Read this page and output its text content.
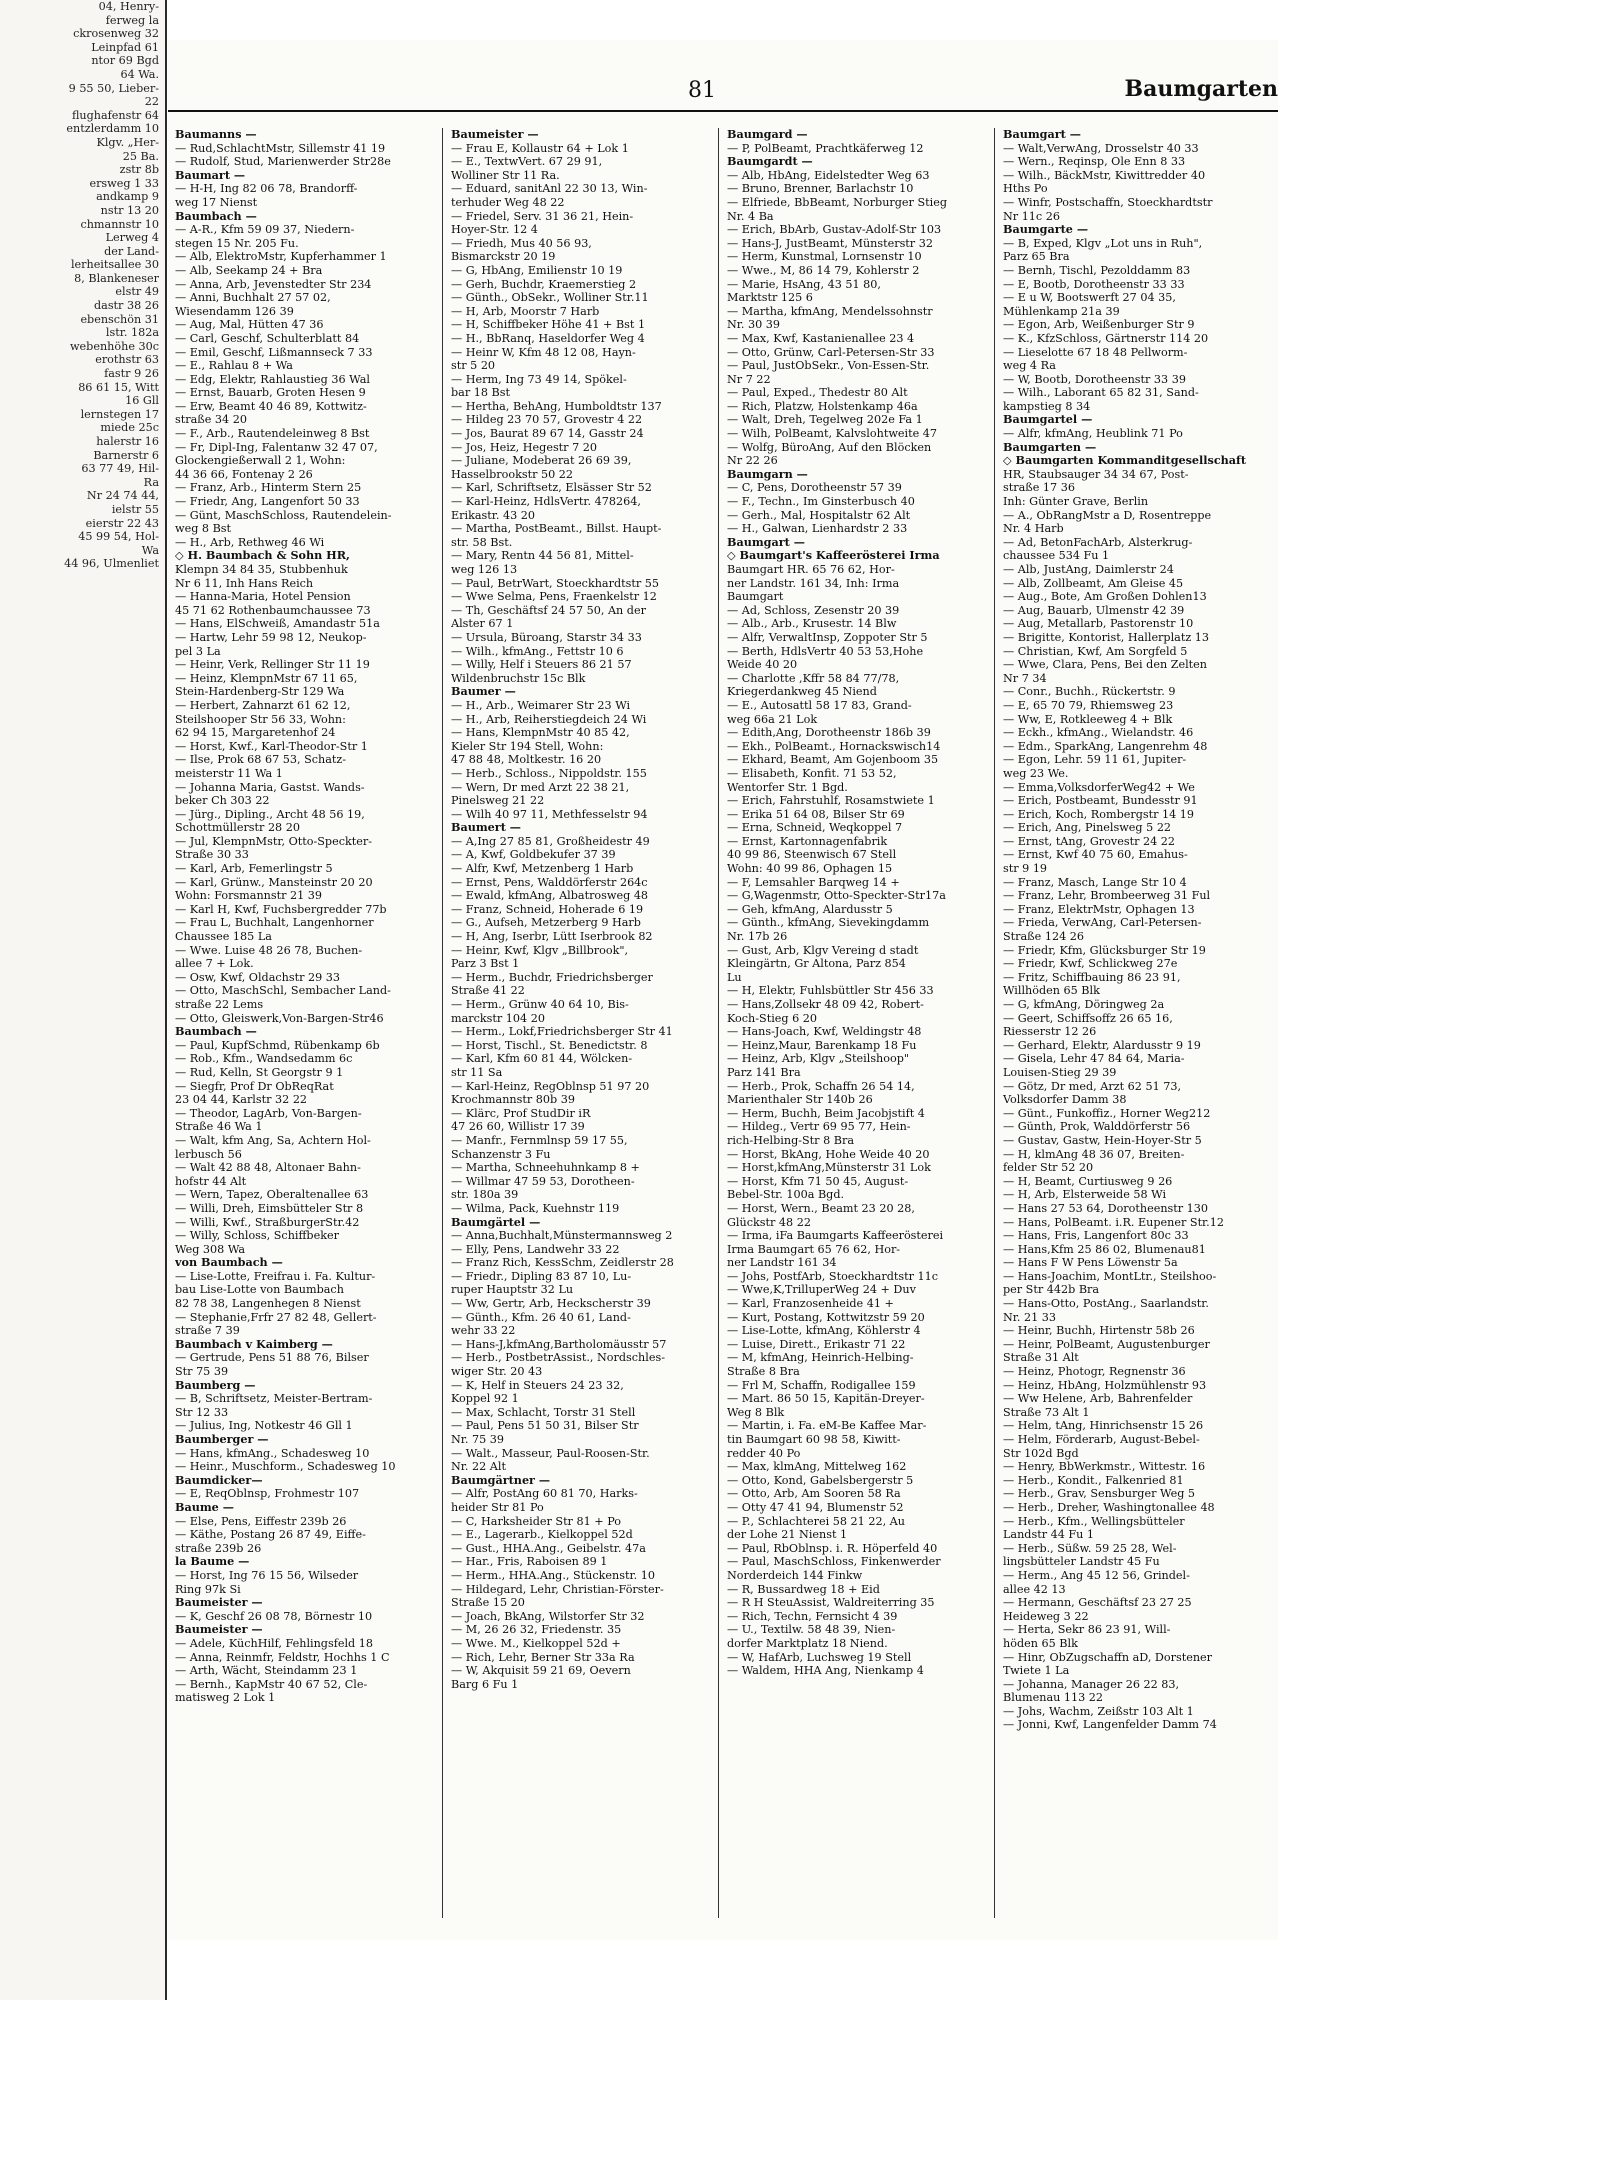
04, Henry-
ferweg la
ckrosenweg 32
Leinpfad 61
ntor 69 Bgd
64 Wa.
9 55 50, Lieber-
22
flughafenstr 64
entzlerdamm 10
Klgv. „Her-
25 Ba.
zstr 8b
ersweg 1 33
andkamp 9
nstr 13 20
chmannstr 10
Lerweg 4
der Land-
lerheitsallee 30
8, Blankeneser
elstr 49
dastr 38 26
ebenschön 31
lstr. 182a
webenhöhe 30c
erothstr 63
fastr 9 26
86 61 15, Witt
16 Gll
lernstegen 17
miede 25c
halerstr 16
Barnerstr 6
63 77 49, Hil-
Ra
Nr 24 74 44,
ielstr 55
eierstr 22 43
45 99 54, Hol-
Wa
44 96, Ulmenliet
81	Baumgarten
Baumanns —
— Rud,SchlachtMstr, Sillemstr 41 19
— Rudolf, Stud, Marienwerder Str28e
Baumart —
— H-H, Ing 82 06 78, Brandorff-
weg 17 Nienst
Baumbach —
— A-R., Kfm 59 09 37, Niedern-
stegen 15 Nr. 205 Fu.
— Alb, ElektroMstr, Kupferhammer 1
— Alb, Seekamp 24 + Bra
— Anna, Arb, Jevenstedter Str 234
— Anni, Buchhalt 27 57 02,
Wiesendamm 126 39
— Aug, Mal, Hütten 47 36
— Carl, Geschf, Schulterblatt 84
— Emil, Geschf, Lißmannseck 7 33
— E., Rahlau 8 + Wa
— Edg, Elektr, Rahlaustieg 36 Wal
— Ernst, Bauarb, Groten Hesen 9
— Erw, Beamt 40 46 89, Kottwitz-
straße 34 20
— F., Arb., Rautendeleinweg 8 Bst
— Fr, Dipl-Ing, Falentanw 32 47 07,
Glockengießerwall 2 1, Wohn:
44 36 66, Fontenay 2 26
— Franz, Arb., Hinterm Stern 25
— Friedr, Ang, Langenfort 50 33
— Günt, MaschSchloss, Rautendelein-
weg 8 Bst
— H., Arb, Rethweg 46 Wi
◇ H. Baumbach & Sohn HR,
Klempn 34 84 35, Stubbenhuk
Nr 6 11, Inh Hans Reich
— Hanna-Maria, Hotel Pension
45 71 62 Rothenbaumchaussee 73
— Hans, ElSchweiß, Amandastr 51a
— Hartw, Lehr 59 98 12, Neukop-
pel 3 La
— Heinr, Verk, Rellinger Str 11 19
— Heinz, KlempnMstr 67 11 65,
Stein-Hardenberg-Str 129 Wa
— Herbert, Zahnarzt 61 62 12,
Steilshooper Str 56 33, Wohn:
62 94 15, Margaretenhof 24
— Horst, Kwf., Karl-Theodor-Str 1
— Ilse, Prok 68 67 53, Schatz-
meisterstr 11 Wa 1
— Johanna Maria, Gastst. Wands-
beker Ch 303 22
— Jürg., Dipling., Archt 48 56 19,
Schottmüllerstr 28 20
— Jul, KlempnMstr, Otto-Speckter-
Straße 30 33
— Karl, Arb, Femerlingstr 5
— Karl, Grünw., Mansteinstr 20 20
Wohn: Forsmannstr 21 39
— Karl H, Kwf, Fuchsbergredder 77b
— Frau L, Buchhalt, Langenhorner
Chaussee 185 La
— Wwe. Luise 48 26 78, Buchen-
allee 7 + Lok.
— Osw, Kwf, Oldachstr 29 33
— Otto, MaschSchl, Sembacher Land-
straße 22 Lems
— Otto, Gleiswerk,Von-Bargen-Str46
Baumbach —
— Paul, KupfSchmd, Rübenkamp 6b
— Rob., Kfm., Wandsedamm 6c
— Rud, Kelln, St Georgstr 9 1
— Siegfr, Prof Dr ObReqRat
23 04 44, Karlstr 32 22
— Theodor, LagArb, Von-Bargen-
Straße 46 Wa 1
— Walt, kfm Ang, Sa, Achtern Hol-
lerbusch 56
— Walt 42 88 48, Altonaer Bahn-
hofstr 44 Alt
— Wern, Tapez, Oberaltenallee 63
— Willi, Dreh, Eimsbütteler Str 8
— Willi, Kwf., StraßburgerStr.42
— Willy, Schloss, Schiffbeker
Weg 308 Wa
von Baumbach —
— Lise-Lotte, Freifrau i. Fa. Kultur-
bau Lise-Lotte von Baumbach
82 78 38, Langenhegen 8 Nienst
— Stephanie,Frfr 27 82 48, Gellert-
straße 7 39
Baumbach v Kaimberg —
— Gertrude, Pens 51 88 76, Bilser
Str 75 39
Baumberg —
— B, Schriftsetz, Meister-Bertram-
Str 12 33
— Julius, Ing, Notkestr 46 Gll 1
Baumberger —
— Hans, kfmAng., Schadesweg 10
— Heinr., Muschform., Schadesweg 10
Baumdicker—
— E, ReqOblnsp, Frohmestr 107
Baume —
— Else, Pens, Eiffestr 239b 26
— Käthe, Postang 26 87 49, Eiffe-
straße 239b 26
la Baume —
— Horst, Ing 76 15 56, Wilseder
Ring 97k Si
Baumeister —
— K, Geschf 26 08 78, Börnestr 10
Baumeister —
— Adele, KüchHilf, Fehlingsfeld 18
— Anna, Reinmfr, Feldstr, Hochhs 1 C
— Arth, Wächt, Steindamm 23 1
— Bernh., KapMstr 40 67 52, Cle-
matisweg 2 Lok 1
Baumeister —
— Frau E, Kollaustr 64 + Lok 1
— E., TextwVert. 67 29 91,
Wolliner Str 11 Ra.
— Eduard, sanitAnl 22 30 13, Win-
terhuder Weg 48 22
— Friedel, Serv. 31 36 21, Hein-
Hoyer-Str. 12 4
— Friedh, Mus 40 56 93,
Bismarckstr 20 19
— G, HbAng, Emilienstr 10 19
— Gerh, Buchdr, Kraemerstieg 2
— Günth., ObSekr., Wolliner Str.11
— H, Arb, Moorstr 7 Harb
— H, Schiffbeker Höhe 41 + Bst 1
— H., BbRanq, Haseldorfer Weg 4
— Heinr W, Kfm 48 12 08, Hayn-
str 5 20
— Herm, Ing 73 49 14, Spökel-
bar 18 Bst
— Hertha, BehAng, Humboldtstr 137
— Hildeg 23 70 57, Grovestr 4 22
— Jos, Baurat 89 67 14, Gasstr 24
— Jos, Heiz, Hegestr 7 20
— Juliane, Modeberat 26 69 39,
Hasselbrookstr 50 22
— Karl, Schriftsetz, Elsässer Str 52
— Karl-Heinz, HdlsVertr. 478264,
Erikastr. 43 20
— Martha, PostBeamt., Billst. Haupt-
str. 58 Bst.
— Mary, Rentn 44 56 81, Mittel-
weg 126 13
— Paul, BetrWart, Stoeckhardtstr 55
— Wwe Selma, Pens, Fraenkelstr 12
— Th, Geschäftsf 24 57 50, An der
Alster 67 1
— Ursula, Büroang, Starstr 34 33
— Wilh., kfmAng., Fettstr 10 6
— Willy, Helf i Steuers 86 21 57
Wildenbruchstr 15c Blk
Baumer —
— H., Arb., Weimarer Str 23 Wi
— H., Arb, Reiherstiegdeich 24 Wi
— Hans, KlempnMstr 40 85 42,
Kieler Str 194 Stell, Wohn:
47 88 48, Moltkestr. 16 20
— Herb., Schloss., Nippoldstr. 155
— Wern, Dr med Arzt 22 38 21,
Pinelsweg 21 22
— Wilh 40 97 11, Methfesselstr 94
Baumert —
— A,Ing 27 85 81, Großheidestr 49
— A, Kwf, Goldbekufer 37 39
— Alfr, Kwf, Metzenberg 1 Harb
— Ernst, Pens, Walddörferstr 264c
— Ewald, kfmAng, Albatrosweg 48
— Franz, Schneid, Hoherade 6 19
— G., Aufseh, Metzerberg 9 Harb
— H, Ang, Iserbr, Lütt Iserbrook 82
— Heinr, Kwf, Klgv „Billbrook",
Parz 3 Bst 1
— Herm., Buchdr, Friedrichsberger
Straße 41 22
— Herm., Grünw 40 64 10, Bis-
marckstr 104 20
— Herm., Lokf,Friedrichsberger Str 41
— Horst, Tischl., St. Benedictstr. 8
— Karl, Kfm 60 81 44, Wölcken-
str 11 Sa
— Karl-Heinz, RegOblnsp 51 97 20
Krochmannstr 80b 39
— Klärc, Prof StudDir iR
47 26 60, Willistr 17 39
— Manfr., Fernmlnsp 59 17 55,
Schanzenstr 3 Fu
— Martha, Schneehuhnkamp 8 +
— Willmar 47 59 53, Dorotheen-
str. 180a 39
— Wilma, Pack, Kuehnstr 119
Baumgärtel —
— Anna,Buchhalt,Münstermannsweg 2
— Elly, Pens, Landwehr 33 22
— Franz Rich, KessSchm, Zeidlerstr 28
— Friedr., Dipling 83 87 10, Lu-
ruper Hauptstr 32 Lu
— Ww, Gertr, Arb, Heckscherstr 39
— Günth., Kfm. 26 40 61, Land-
wehr 33 22
— Hans-J,kfmAng,Bartholomäusstr 57
— Herb., PostbetrAssist., Nordschles-
wiger Str. 20 43
— K, Helf in Steuers 24 23 32,
Koppel 92 1
— Max, Schlacht, Torstr 31 Stell
— Paul, Pens 51 50 31, Bilser Str
Nr. 75 39
— Walt., Masseur, Paul-Roosen-Str.
Nr. 22 Alt
Baumgärtner —
— Alfr, PostAng 60 81 70, Harks-
heider Str 81 Po
— C, Harksheider Str 81 + Po
— E., Lagerarb., Kielkoppel 52d
— Gust., HHA.Ang., Geibelstr. 47a
— Har., Fris, Raboisen 89 1
— Herm., HHA.Ang., Stückenstr. 10
— Hildegard, Lehr, Christian-Förster-
Straße 15 20
— Joach, BkAng, Wilstorfer Str 32
— M, 26 26 32, Friedenstr. 35
— Wwe. M., Kielkoppel 52d +
— Rich, Lehr, Berner Str 33a Ra
— W, Akquisit 59 21 69, Oevern
Barg 6 Fu 1
Baumgard —
— P, PolBeamt, Prachtkäferweg 12
Baumgardt —
— Alb, HbAng, Eidelstedter Weg 63
— Bruno, Brenner, Barlachstr 10
— Elfriede, BbBeamt, Norburger Stieg
Nr. 4 Ba
— Erich, BbArb, Gustav-Adolf-Str 103
— Hans-J, JustBeamt, Münsterstr 32
— Herm, Kunstmal, Lornsenstr 10
— Wwe., M, 86 14 79, Kohlerstr 2
— Marie, HsAng, 43 51 80,
Marktstr 125 6
— Martha, kfmAng, Mendelssohnstr
Nr. 30 39
— Max, Kwf, Kastanienallee 23 4
— Otto, Grünw, Carl-Petersen-Str 33
— Paul, JustObSekr., Von-Essen-Str.
Nr 7 22
— Paul, Exped., Thedestr 80 Alt
— Rich, Platzw, Holstenkamp 46a
— Walt, Dreh, Tegelweg 202e Fa 1
— Wilh, PolBeamt, Kalvslohtweite 47
— Wolfg, BüroAng, Auf den Blöcken
Nr 22 26
Baumgarn —
— C, Pens, Dorotheenstr 57 39
— F., Techn., Im Ginsterbusch 40
— Gerh., Mal, Hospitalstr 62 Alt
— H., Galwan, Lienhardstr 2 33
Baumgart —
◇ Baumgart's Kaffeerösterei Irma
Baumgart HR. 65 76 62, Hor-
ner Landstr. 161 34, Inh: Irma
Baumgart
— Ad, Schloss, Zesenstr 20 39
— Alb., Arb., Krusestr. 14 Blw
— Alfr, VerwaltInsp, Zoppoter Str 5
— Berth, HdlsVertr 40 53 53,Hohe
Weide 40 20
— Charlotte ,Kffr 58 84 77/78,
Kriegerdankweg 45 Niend
— E., Autosattl 58 17 83, Grand-
weg 66a 21 Lok
— Edith,Ang, Dorotheenstr 186b 39
— Ekh., PolBeamt., Hornackswisch14
— Ekhard, Beamt, Am Gojenboom 35
— Elisabeth, Konfit. 71 53 52,
Wentorfer Str. 1 Bgd.
— Erich, Fahrstuhlf, Rosamstwiete 1
— Erika 51 64 08, Bilser Str 69
— Erna, Schneid, Weqkoppel 7
— Ernst, Kartonnagenfabrik
40 99 86, Steenwisch 67 Stell
Wohn: 40 99 86, Ophagen 15
— F, Lemsahler Barqweg 14 +
— G,Wagenmstr, Otto-Speckter-Str17a
— Geh, kfmAng, Alardusstr 5
— Günth., kfmAng, Sievekingdamm
Nr. 17b 26
— Gust, Arb, Klgv Vereing d stadt
Kleingärtn, Gr Altona, Parz 854
Lu
— H, Elektr, Fuhlsbüttler Str 456 33
— Hans,Zollsekr 48 09 42, Robert-
Koch-Stieg 6 20
— Hans-Joach, Kwf, Weldingstr 48
— Heinz,Maur, Barenkamp 18 Fu
— Heinz, Arb, Klgv „Steilshoop"
Parz 141 Bra
— Herb., Prok, Schaffn 26 54 14,
Marienthaler Str 140b 26
— Herm, Buchh, Beim Jacobjstift 4
— Hildeg., Vertr 69 95 77, Hein-
rich-Helbing-Str 8 Bra
— Horst, BkAng, Hohe Weide 40 20
— Horst,kfmAng,Münsterstr 31 Lok
— Horst, Kfm 71 50 45, August-
Bebel-Str. 100a Bgd.
— Horst, Wern., Beamt 23 20 28,
Glückstr 48 22
— Irma, iFa Baumgarts Kaffeerösterei
Irma Baumgart 65 76 62, Hor-
ner Landstr 161 34
— Johs, PostfArb, Stoeckhardtstr 11c
— Wwe,K,TrilluperWeg 24 + Duv
— Karl, Franzosenheide 41 +
— Kurt, Postang, Kottwitzstr 59 20
— Lise-Lotte, kfmAng, Köhlerstr 4
— Luise, Dirett., Erikastr 71 22
— M, kfmAng, Heinrich-Helbing-
Straße 8 Bra
— Frl M, Schaffn, Rodigallee 159
— Mart. 86 50 15, Kapitän-Dreyer-
Weg 8 Blk
— Martin, i. Fa. eM-Be Kaffee Mar-
tin Baumgart 60 98 58, Kiwitt-
redder 40 Po
— Max, klmAng, Mittelweg 162
— Otto, Kond, Gabelsbergerstr 5
— Otto, Arb, Am Sooren 58 Ra
— Otty 47 41 94, Blumenstr 52
— P., Schlachterei 58 21 22, Au
der Lohe 21 Nienst 1
— Paul, RbOblnsp. i. R. Höperfeld 40
— Paul, MaschSchloss, Finkenwerder
Norderdeich 144 Finkw
— R, Bussardweg 18 + Eid
— R H SteuAssist, Waldreiterring 35
— Rich, Techn, Fernsicht 4 39
— U., Textilw. 58 48 39, Nien-
dorfer Marktplatz 18 Niend.
— W, HafArb, Luchsweg 19 Stell
— Waldem, HHA Ang, Nienkamp 4
Baumgart —
— Walt,VerwAng, Drosselstr 40 33
— Wern., Reqinsp, Ole Enn 8 33
— Wilh., BäckMstr, Kiwittredder 40
Hths Po
— Winfr, Postschaffn, Stoeckhardtstr
Nr 11c 26
Baumgarte —
— B, Exped, Klgv „Lot uns in Ruh",
Parz 65 Bra
— Bernh, Tischl, Pezolddamm 83
— E, Bootb, Dorotheenstr 33 33
— E u W, Bootswerft 27 04 35,
Mühlenkamp 21a 39
— Egon, Arb, Weißenburger Str 9
— K., KfzSchloss, Gärtnerstr 114 20
— Lieselotte 67 18 48 Pellworm-
weg 4 Ra
— W, Bootb, Dorotheenstr 33 39
— Wilh., Laborant 65 82 31, Sand-
kampstieg 8 34
Baumgartel —
— Alfr, kfmAng, Heublink 71 Po
Baumgarten —
◇ Baumgarten Kommanditgesellschaft
HR, Staubsauger 34 34 67, Post-
straße 17 36
Inh: Günter Grave, Berlin
— A., ObRangMstr a D, Rosentreppe
Nr. 4 Harb
— Ad, BetonFachArb, Alsterkrug-
chaussee 534 Fu 1
— Alb, JustAng, Daimlerstr 24
— Alb, Zollbeamt, Am Gleise 45
— Aug., Bote, Am Großen Dohlen13
— Aug, Bauarb, Ulmenstr 42 39
— Aug, Metallarb, Pastorenstr 10
— Brigitte, Kontorist, Hallerplatz 13
— Christian, Kwf, Am Sorgfeld 5
— Wwe, Clara, Pens, Bei den Zelten
Nr 7 34
— Conr., Buchh., Rückertstr. 9
— E, 65 70 79, Rhiemsweg 23
— Ww, E, Rotkleeweg 4 + Blk
— Eckh., kfmAng., Wielandstr. 46
— Edm., SparkAng, Langenrehm 48
— Egon, Lehr. 59 11 61, Jupiter-
weg 23 We.
— Emma,VolksdorferWeg42 + We
— Erich, Postbeamt, Bundesstr 91
— Erich, Koch, Rombergstr 14 19
— Erich, Ang, Pinelsweg 5 22
— Ernst, tAng, Grovestr 24 22
— Ernst, Kwf 40 75 60, Emahus-
str 9 19
— Franz, Masch, Lange Str 10 4
— Franz, Lehr, Brombeerweg 31 Ful
— Franz, ElektrMstr, Ophagen 13
— Frieda, VerwAng, Carl-Petersen-
Straße 124 26
— Friedr, Kfm, Glücksburger Str 19
— Friedr, Kwf, Schlickweg 27e
— Fritz, Schiffbauing 86 23 91,
Willhöden 65 Blk
— G, kfmAng, Döringweg 2a
— Geert, Schiffsoffz 26 65 16,
Riesserstr 12 26
— Gerhard, Elektr, Alardusstr 9 19
— Gisela, Lehr 47 84 64, Maria-
Louisen-Stieg 29 39
— Götz, Dr med, Arzt 62 51 73,
Volksdorfer Damm 38
— Günt., Funkoffiz., Horner Weg212
— Günth, Prok, Walddörferstr 56
— Gustav, Gastw, Hein-Hoyer-Str 5
— H, klmAng 48 36 07, Breiten-
felder Str 52 20
— H, Beamt, Curtiusweg 9 26
— H, Arb, Elsterweide 58 Wi
— Hans 27 53 64, Dorotheenstr 130
— Hans, PolBeamt. i.R. Eupener Str.12
— Hans, Fris, Langenfort 80c 33
— Hans,Kfm 25 86 02, Blumenau81
— Hans F W Pens Löwenstr 5a
— Hans-Joachim, MontLtr., Steilshoo-
per Str 442b Bra
— Hans-Otto, PostAng., Saarlandstr.
Nr. 21 33
— Heinr, Buchh, Hirtenstr 58b 26
— Heinr, PolBeamt, Augustenburger
Straße 31 Alt
— Heinz, Photogr, Regnenstr 36
— Heinz, HbAng, Holzmühlenstr 93
— Ww Helene, Arb, Bahrenfelder
Straße 73 Alt 1
— Helm, tAng, Hinrichsenstr 15 26
— Helm, Förderarb, August-Bebel-
Str 102d Bgd
— Henry, BbWerkmstr., Wittestr. 16
— Herb., Kondit., Falkenried 81
— Herb., Grav, Sensburger Weg 5
— Herb., Dreher, Washingtonallee 48
— Herb., Kfm., Wellingsbütteler
Landstr 44 Fu 1
— Herb., Süßw. 59 25 28, Wel-
lingsbütteler Landstr 45 Fu
— Herm., Ang 45 12 56, Grindel-
allee 42 13
— Hermann, Geschäftsf 23 27 25
Heideweg 3 22
— Herta, Sekr 86 23 91, Will-
höden 65 Blk
— Hinr, ObZugschaffn aD, Dorstener
Twiete 1 La
— Johanna, Manager 26 22 83,
Blumenau 113 22
— Johs, Wachm, Zeißstr 103 Alt 1
— Jonni, Kwf, Langenfelder Damm 74
